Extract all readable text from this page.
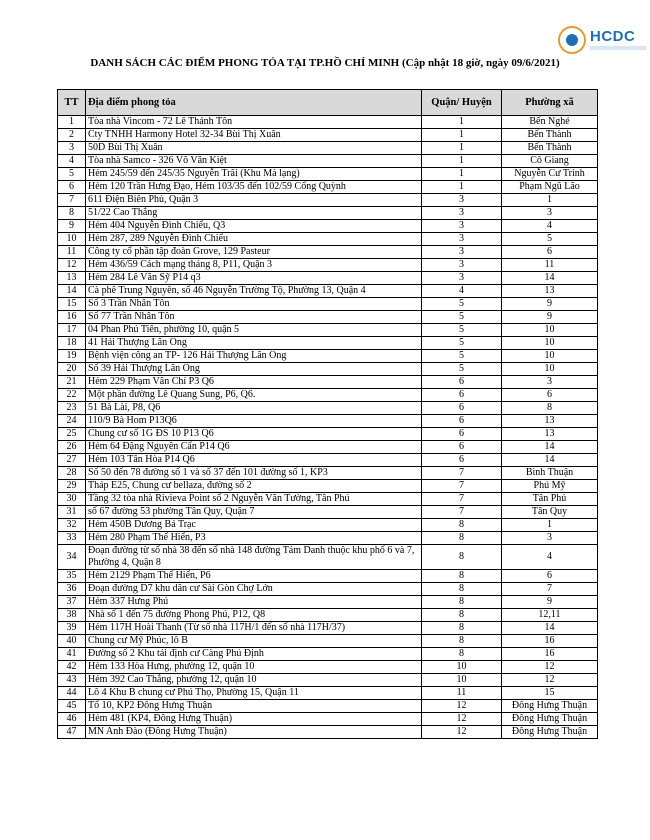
HCDC
DANH SÁCH CÁC ĐIỂM PHONG TỎA TẠI TP.HỒ CHÍ MINH (Cập nhật 18 giờ, ngày 09/6/2021)
TT	Địa điểm phong tỏa	Quận/ Huyện	Phường xã
1	Tòa nhà Vincom - 72 Lê Thánh Tôn	1	Bến Nghé
2	Cty TNHH Harmony Hotel 32-34 Bùi Thị Xuân	1	Bến Thành
3	50D Bùi Thị Xuân	1	Bến Thành
4	Tòa nhà Samco - 326 Võ Văn Kiệt	1	Cô Giang
5	Hẻm 245/59 đến 245/35 Nguyễn Trãi (Khu Má lạng)	1	Nguyễn Cư Trinh
6	Hẻm 120 Trần Hưng Đạo, Hẻm 103/35 đến 102/59 Cống Quỳnh	1	Phạm Ngũ Lão
7	611 Điện Biên Phủ, Quận 3	3	1
8	51/22 Cao Thắng	3	3
9	Hẻm 404 Nguyễn Đình Chiểu, Q3	3	4
10	Hẻm 287, 289 Nguyễn Đình Chiểu	3	5
11	Công ty cổ phần tập đoàn Grove, 129 Pasteur	3	6
12	Hẻm 436/59 Cách mạng tháng 8, P11, Quận 3	3	11
13	Hẻm 284 Lê Văn Sỹ P14 q3	3	14
14	Cà phê Trung Nguyên, số 46 Nguyễn Trường Tộ, Phường 13, Quận 4	4	13
15	Số 3 Trần Nhân Tôn	5	9
16	Số 77 Trần Nhân Tôn	5	9
17	04 Phan Phú Tiên, phường 10, quận 5	5	10
18	41 Hải Thượng Lãn Ông	5	10
19	Bệnh viện công an TP- 126 Hải Thượng Lãn Ông	5	10
20	Số 39 Hải Thượng Lãn Ông	5	10
21	Hẻm 229 Phạm Văn Chí P3 Q6	6	3
22	Một phần đường Lê Quang Sung, P6, Q6.	6	6
23	51 Bà Lài, P8, Q6	6	8
24	110/9 Bà Hom P13Q6	6	13
25	Chung cư số 1G ĐS 10 P13 Q6	6	13
26	Hẻm 64 Đặng Nguyên Cẩn P14 Q6	6	14
27	Hẻm 103 Tân Hòa P14 Q6	6	14
28	Số 50 đến 78 đường số 1 và số 37 đến 101 đường số 1, KP3	7	Bình Thuận
29	Tháp E25, Chung cư bellaza, đường số 2	7	Phú Mỹ
30	Tầng 32 tòa nhà Rivieva Point số 2 Nguyễn Văn Tưởng, Tân Phú	7	Tân Phú
31	số 67 đường 53 phường Tân Quy, Quận 7	7	Tân Quy
32	Hẻm 450B Dương Bá Trạc	8	1
33	Hẻm 280 Phạm Thế Hiển, P3	8	3
34	Đoạn đường từ số nhà 38 đến số nhà 148 đường Tám Danh thuộc khu phố 6 và 7, Phường 4, Quận 8	8	4
35	Hẻm 2129 Phạm Thế Hiển, P6	8	6
36	Đoạn đường D7 khu dân cư Sài Gòn Chợ Lớn	8	7
37	Hẻm 337 Hưng Phú	8	9
38	Nhà số 1 đến 75 đường Phong Phú, P12, Q8	8	12,11
39	Hẻm 117H Hoài Thanh (Từ số nhà 117H/1 đến số nhà 117H/37)	8	14
40	Chung cư Mỹ Phúc, lô B	8	16
41	Đường số 2 Khu tái định cư Càng Phú Định	8	16
42	Hẻm 133 Hòa Hưng, phường 12, quận 10	10	12
43	Hẻm 392 Cao Thắng, phường 12, quận 10	10	12
44	Lô 4 Khu B chung cư Phú Thọ, Phường 15, Quận 11	11	15
45	Tổ 10, KP2 Đông Hưng Thuận	12	Đông Hưng Thuận
46	Hẻm 481 (KP4, Đông Hưng Thuận)	12	Đông Hưng Thuận
47	MN Anh Đào (Đông Hưng Thuận)	12	Đông Hưng Thuận
